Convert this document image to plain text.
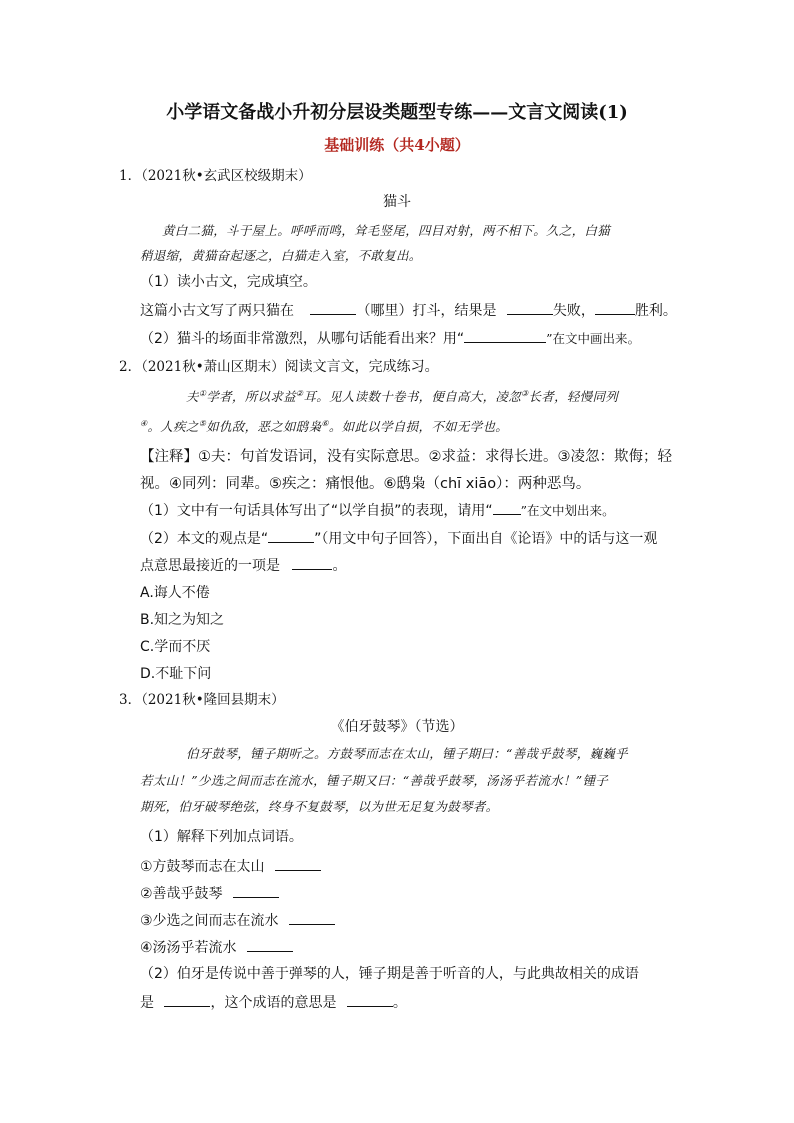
小学语文备战小升初分层设类题型专练——文言文阅读(1)
基础训练（共4小题）
1．（2021秋•玄武区校级期末）
猫斗
黄白二猫，斗于屋上。呼呼而鸣，耸毛竖尾，四目对射，两不相下。久之，白猫
稍退缩，黄猫奋起逐之，白猫走入室，不敢复出。
（1）读小古文，完成填空。
这篇小古文写了两只猫在	（哪里）打斗，结果是	失败，	胜利。
（2）猫斗的场面非常激烈，从哪句话能看出来？用“	”在文中画出来。
2．（2021秋•萧山区期末）阅读文言文，完成练习。
夫①学者，所以求益②耳。见人读数十卷书，便自高大，凌忽③长者，轻慢同列
④。人疾之⑤如仇敌，恶之如鸱枭⑥。如此以学自损，不如无学也。
【注释】①夫：句首发语词，没有实际意思。②求益：求得长进。③凌忽：欺侮；轻
视。④同列：同辈。⑤疾之：痛恨他。⑥鸱枭（chī xiāo）：两种恶鸟。
（1）文中有一句话具体写出了“以学自损”的表现，请用“ ”在文中划出来。
（2）本文的观点是“	”（用文中句子回答），下面出自《论语》中的话与这一观
点意思最接近的一项是	。
A.诲人不倦
B.知之为知之
C.学而不厌
D.不耻下问
3．（2021秋•隆回县期末）
《伯牙鼓琴》（节选）
伯牙鼓琴，锺子期听之。方鼓琴而志在太山，锺子期曰：“善哉乎鼓琴，巍巍乎
若太山！”少选之间而志在流水，锺子期又曰：“善哉乎鼓琴，汤汤乎若流水！”锺子
期死，伯牙破琴绝弦，终身不复鼓琴，以为世无足复为鼓琴者。
（1）解释下列加点词语。
①方鼓琴而志在太山
②善哉乎鼓琴
③少选之间而志在流水
④汤汤乎若流水
（2）伯牙是传说中善于弹琴的人，锤子期是善于听音的人，与此典故相关的成语
是	，这个成语的意思是	。
